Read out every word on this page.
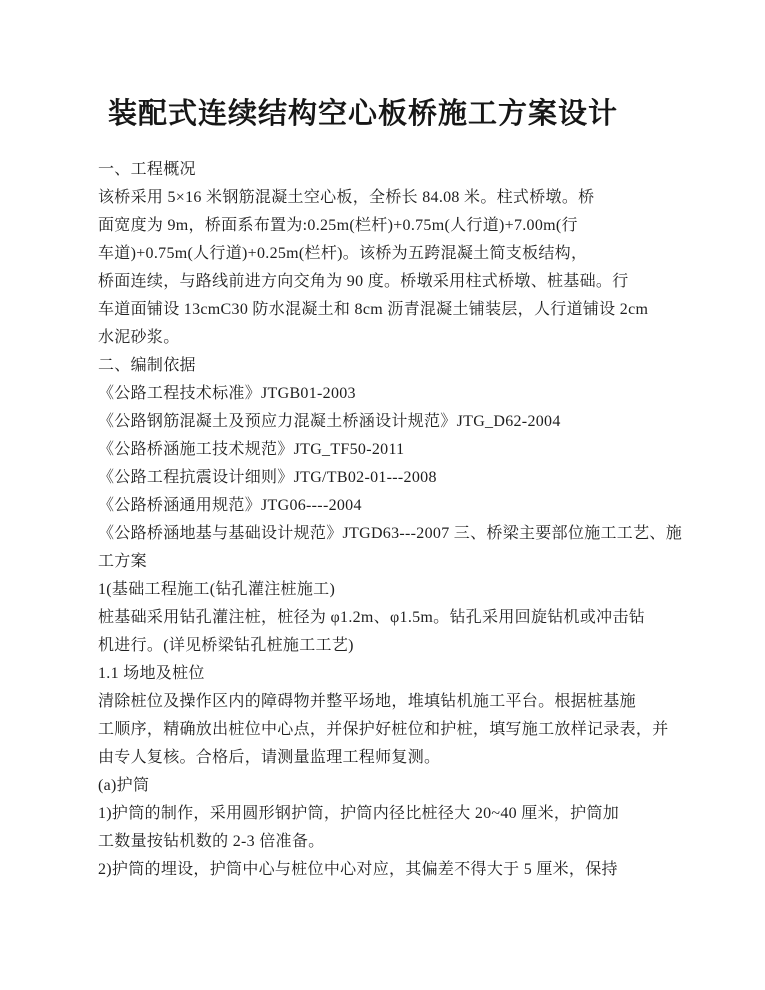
装配式连续结构空心板桥施工方案设计
一、工程概况
该桥采用 5×16 米钢筋混凝土空心板，全桥长 84.08 米。柱式桥墩。桥
面宽度为 9m，桥面系布置为:0.25m(栏杆)+0.75m(人行道)+7.00m(行
车道)+0.75m(人行道)+0.25m(栏杆)。该桥为五跨混凝土简支板结构，
桥面连续，与路线前进方向交角为 90 度。桥墩采用柱式桥墩、桩基础。行
车道面铺设 13cmC30 防水混凝土和 8cm 沥青混凝土铺装层，人行道铺设 2cm
水泥砂浆。
二、编制依据
《公路工程技术标准》JTGB01-2003
《公路钢筋混凝土及预应力混凝土桥涵设计规范》JTG_D62-2004
《公路桥涵施工技术规范》JTG_TF50-2011
《公路工程抗震设计细则》JTG/TB02-01---2008
《公路桥涵通用规范》JTG06----2004
《公路桥涵地基与基础设计规范》JTGD63---2007 三、桥梁主要部位施工工艺、施
工方案
1(基础工程施工(钻孔灌注桩施工)
桩基础采用钻孔灌注桩，桩径为 φ1.2m、φ1.5m。钻孔采用回旋钻机或冲击钻
机进行。(详见桥梁钻孔桩施工工艺)
1.1 场地及桩位
清除桩位及操作区内的障碍物并整平场地，堆填钻机施工平台。根据桩基施
工顺序，精确放出桩位中心点，并保护好桩位和护桩，填写施工放样记录表，并
由专人复核。合格后，请测量监理工程师复测。
(a)护筒
1)护筒的制作，采用圆形钢护筒，护筒内径比桩径大 20~40 厘米，护筒加
工数量按钻机数的 2-3 倍准备。
2)护筒的埋设，护筒中心与桩位中心对应，其偏差不得大于 5 厘米，保持
